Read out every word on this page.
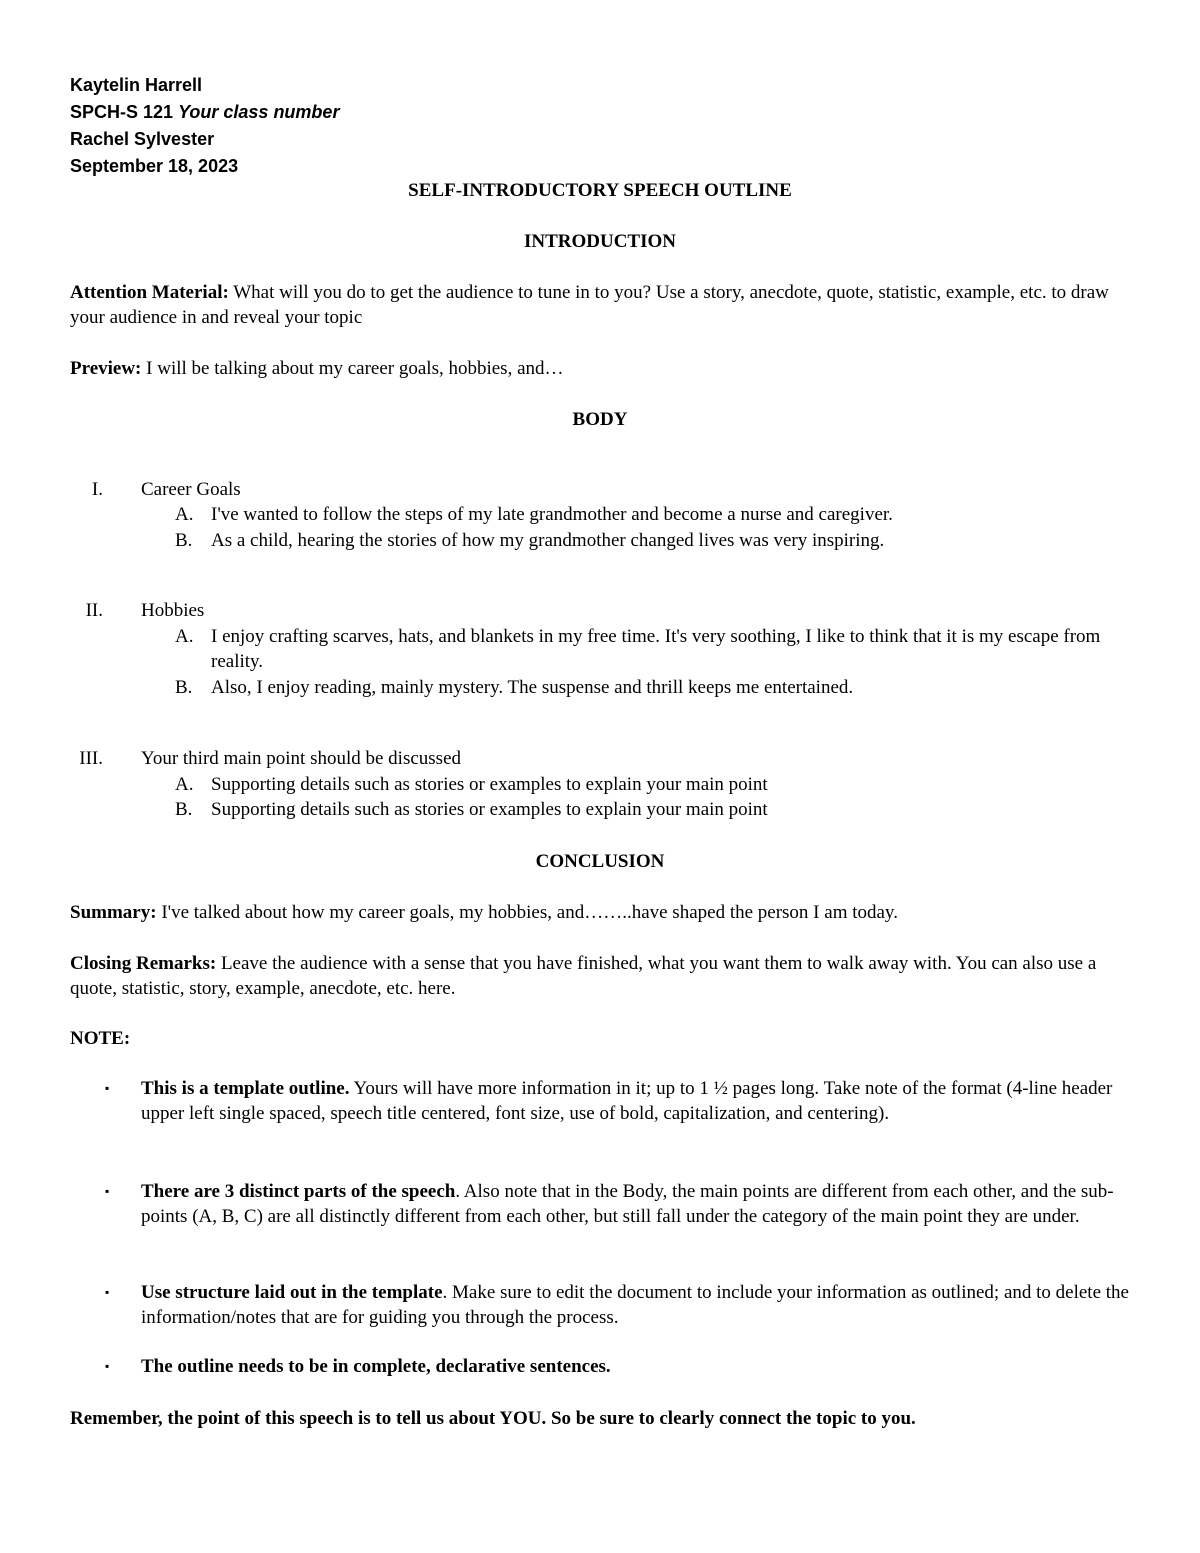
Kaytelin Harrell
SPCH-S 121 Your class number
Rachel Sylvester
September 18, 2023
SELF-INTRODUCTORY SPEECH OUTLINE
INTRODUCTION
Attention Material: What will you do to get the audience to tune in to you? Use a story, anecdote, quote, statistic, example, etc. to draw your audience in and reveal your topic
Preview: I will be talking about my career goals, hobbies, and…
BODY
I. Career Goals
A. I've wanted to follow the steps of my late grandmother and become a nurse and caregiver.
B. As a child, hearing the stories of how my grandmother changed lives was very inspiring.
II. Hobbies
A. I enjoy crafting scarves, hats, and blankets in my free time. It's very soothing, I like to think that it is my escape from reality.
B. Also, I enjoy reading, mainly mystery. The suspense and thrill keeps me entertained.
III. Your third main point should be discussed
A. Supporting details such as stories or examples to explain your main point
B. Supporting details such as stories or examples to explain your main point
CONCLUSION
Summary: I've talked about how my career goals, my hobbies, and……..have shaped the person I am today.
Closing Remarks: Leave the audience with a sense that you have finished, what you want them to walk away with. You can also use a quote, statistic, story, example, anecdote, etc. here.
NOTE:
▪ This is a template outline. Yours will have more information in it; up to 1 ½ pages long. Take note of the format (4-line header upper left single spaced, speech title centered, font size, use of bold, capitalization, and centering).
▪ There are 3 distinct parts of the speech. Also note that in the Body, the main points are different from each other, and the sub-points (A, B, C) are all distinctly different from each other, but still fall under the category of the main point they are under.
▪ Use structure laid out in the template. Make sure to edit the document to include your information as outlined; and to delete the information/notes that are for guiding you through the process.
▪ The outline needs to be in complete, declarative sentences.
Remember, the point of this speech is to tell us about YOU. So be sure to clearly connect the topic to you.
